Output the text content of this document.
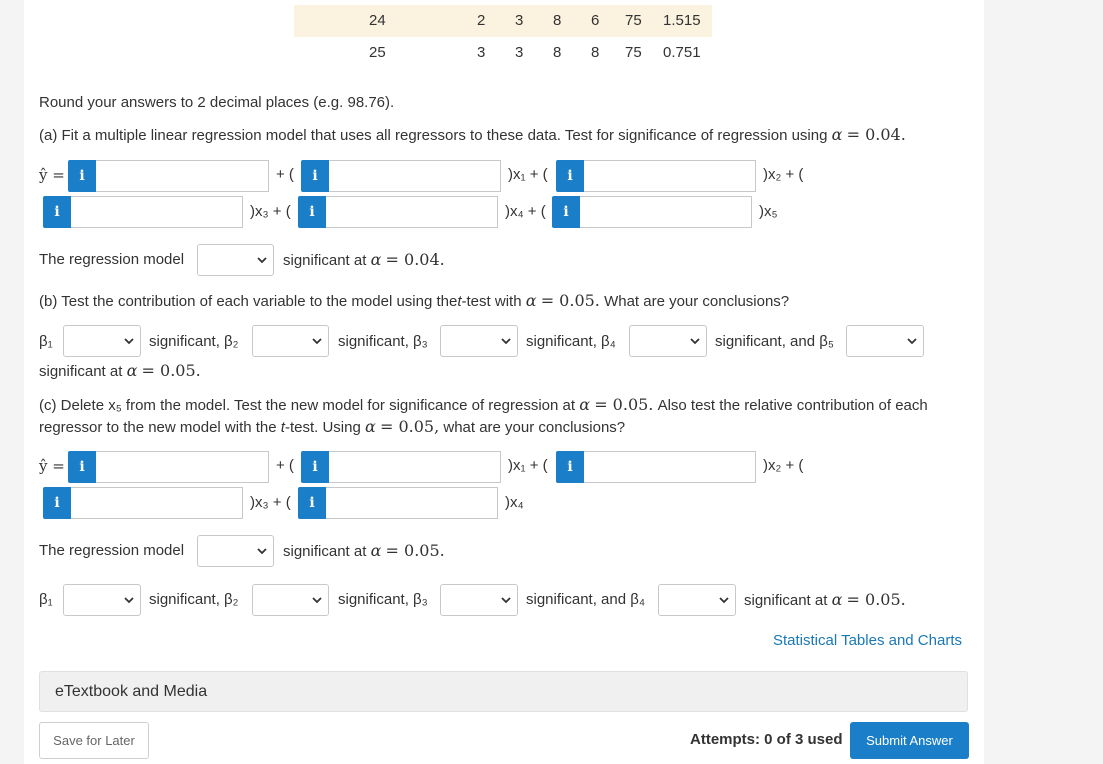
24	2 3 8 6 75 1.515
25	3 3 8 8 75 0.751
Round your answers to 2 decimal places (e.g. 98.76).
(a) Fit a multiple linear regression model that uses all regressors to these data. Test for significance of regression using α = 0.04.
ŷ =	i	+ (	i	)x₁ + (	i	)x₂ + (
i	)x₃ + (	i	)x₄ + (	i	)x₅
The regression model	significant at α = 0.04.
(b) Test the contribution of each variable to the model using thet-test with α = 0.05. What are your conclusions?
β₁	significant, β₂	significant, β₃	significant, β₄	significant, and β₅
significant at α = 0.05.
(c) Delete x₅ from the model. Test the new model for significance of regression at α = 0.05. Also test the relative contribution of each
regressor to the new model with the t-test. Using α = 0.05, what are your conclusions?
ŷ =	i	+ (	i	)x₁ + (	i	)x₂ + (
i	)x₃ + (	i	)x₄
The regression model	significant at α = 0.05.
β₁	significant, β₂	significant, β₃	significant, and β₄	significant at α = 0.05.
Statistical Tables and Charts
eTextbook and Media
Save for Later	Attempts: 0 of 3 used	Submit Answer
